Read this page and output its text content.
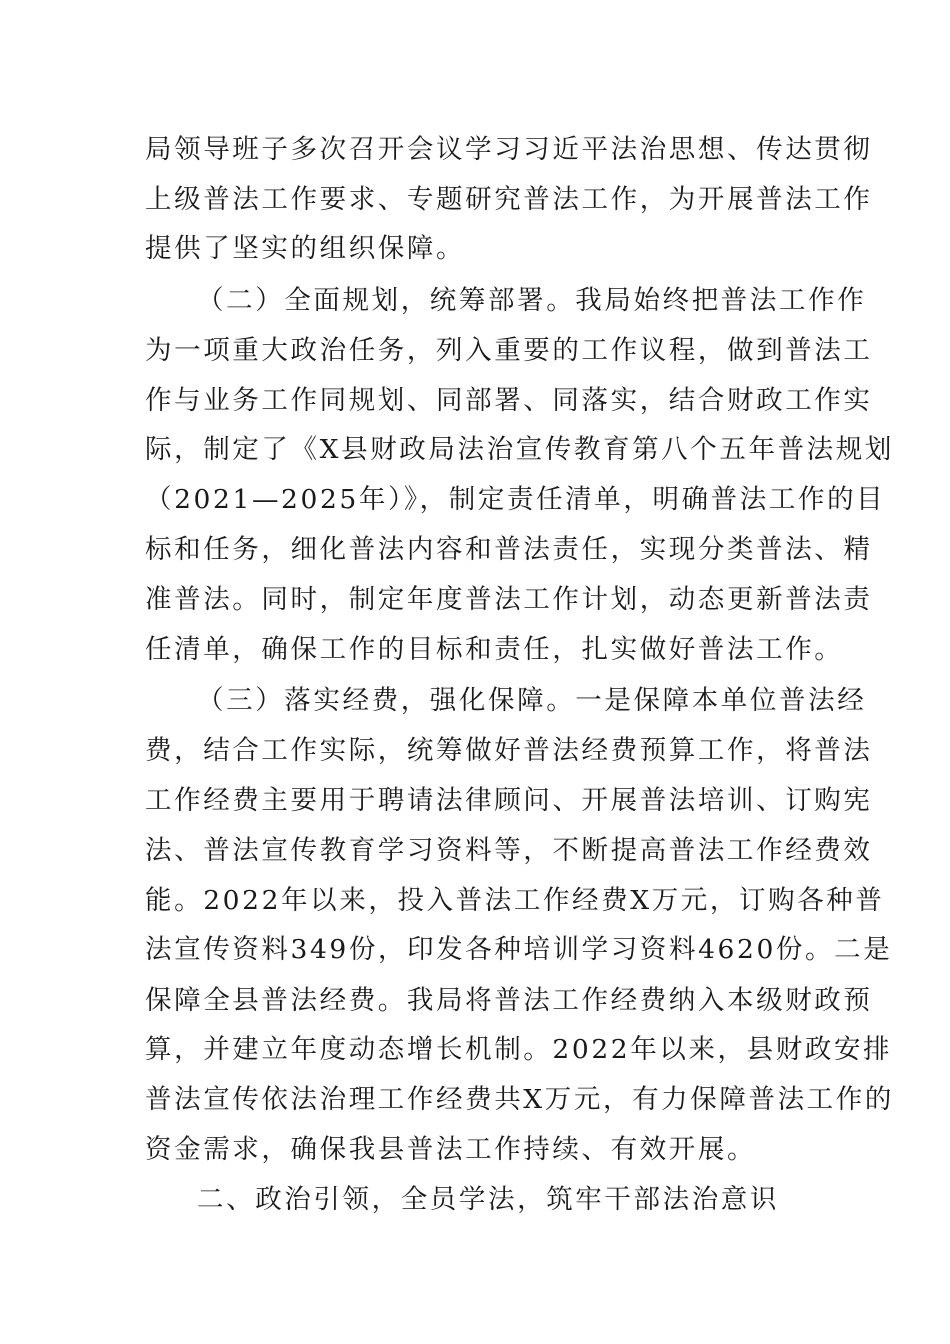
局领导班子多次召开会议学习习近平法治思想、传达贯彻
上级普法工作要求、专题研究普法工作，为开展普法工作
提供了坚实的组织保障。
（二）全面规划，统筹部署。我局始终把普法工作作
为一项重大政治任务，列入重要的工作议程，做到普法工
作与业务工作同规划、同部署、同落实，结合财政工作实
际，制定了《X县财政局法治宣传教育第八个五年普法规划
（2021—2025年）》，制定责任清单，明确普法工作的目
标和任务，细化普法内容和普法责任，实现分类普法、精
准普法。同时，制定年度普法工作计划，动态更新普法责
任清单，确保工作的目标和责任，扎实做好普法工作。
（三）落实经费，强化保障。一是保障本单位普法经
费，结合工作实际，统筹做好普法经费预算工作，将普法
工作经费主要用于聘请法律顾问、开展普法培训、订购宪
法、普法宣传教育学习资料等，不断提高普法工作经费效
能。2022年以来，投入普法工作经费X万元，订购各种普
法宣传资料349份，印发各种培训学习资料4620份。二是
保障全县普法经费。我局将普法工作经费纳入本级财政预
算，并建立年度动态增长机制。2022年以来，县财政安排
普法宣传依法治理工作经费共X万元，有力保障普法工作的
资金需求，确保我县普法工作持续、有效开展。
二、政治引领，全员学法，筑牢干部法治意识
